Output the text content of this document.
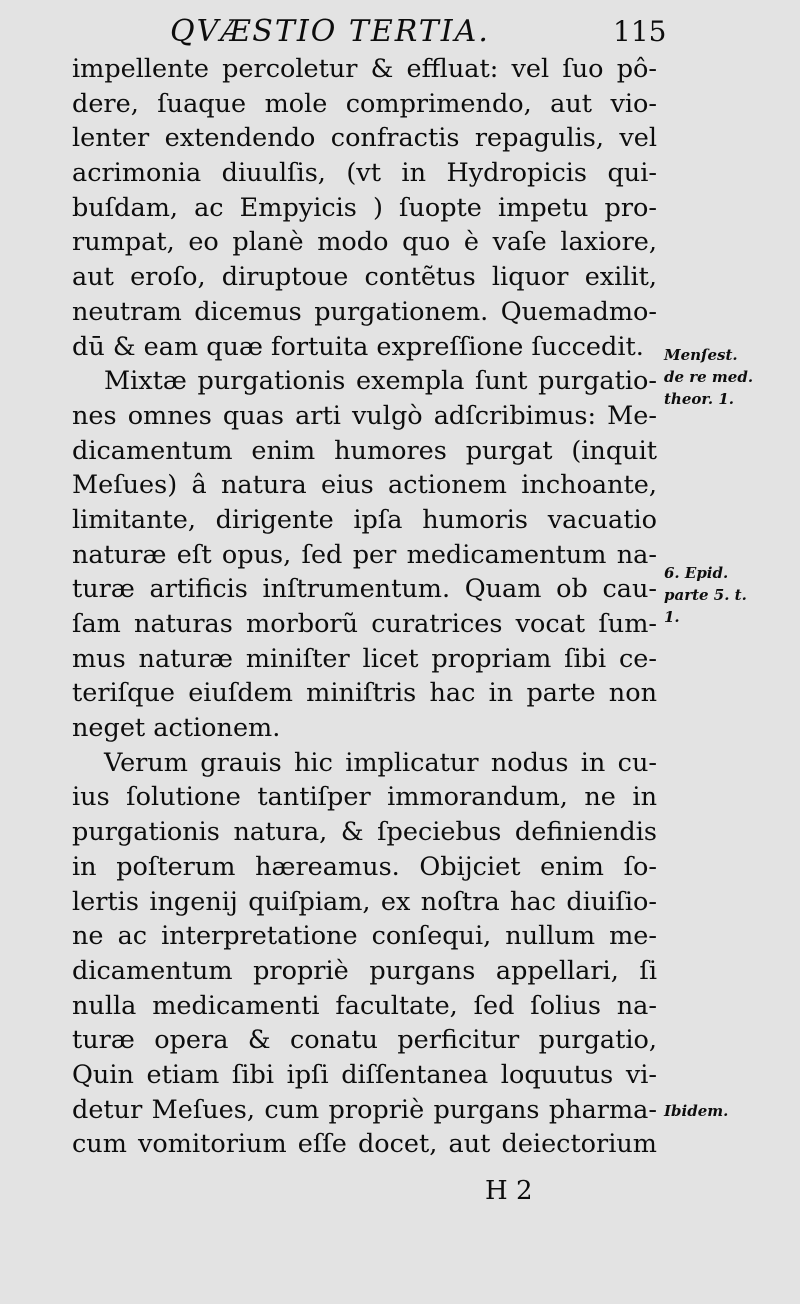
QVÆSTIO TERTIA.	115
impellente percoletur & effluat: vel ſuo pô-
dere, ſuaque mole comprimendo, aut vio-
lenter extendendo confractis repagulis, vel
acrimonia diuulſis, (vt in Hydropicis qui-
buſdam, ac Empyicis ) ſuopte impetu pro-
rumpat, eo planè modo quo è vaſe laxiore,
aut eroſo, diruptoue contẽtus liquor exilit,
neutram dicemus purgationem. Quemadmo-
dū & eam quæ fortuita expreſſione ſuccedit.
Mixtæ purgationis exempla ſunt purgatio-
nes omnes quas arti vulgò adſcribimus: Me-
dicamentum enim humores purgat (inquit
Meſues) â natura eius actionem inchoante,
limitante, dirigente ipſa humoris vacuatio
naturæ eſt opus, ſed per medicamentum na-
turæ artificis inſtrumentum. Quam ob cau-
ſam naturas morborũ curatrices vocat ſum-
mus naturæ miniſter licet propriam ſibi ce-
teriſque eiuſdem miniſtris hac in parte non
neget actionem.
Verum grauis hic implicatur nodus in cu-
ius ſolutione tantiſper immorandum, ne in
purgationis natura, & ſpeciebus definiendis
in poſterum hæreamus. Obijciet enim ſo-
lertis ingenij quiſpiam, ex noſtra hac diuiſio-
ne ac interpretatione conſequi, nullum me-
dicamentum propriè purgans appellari, ſi
nulla medicamenti facultate, ſed ſolius na-
turæ opera & conatu perficitur purgatio,
Quin etiam ſibi ipſi diſſentanea loquutus vi-
detur Meſues, cum propriè purgans pharma-
cum vomitorium eſſe docet, aut deiectorium
Menſest.
de re med.
theor. 1.
6. Epid.
parte 5. t.
1.
Ibidem.
H 2
